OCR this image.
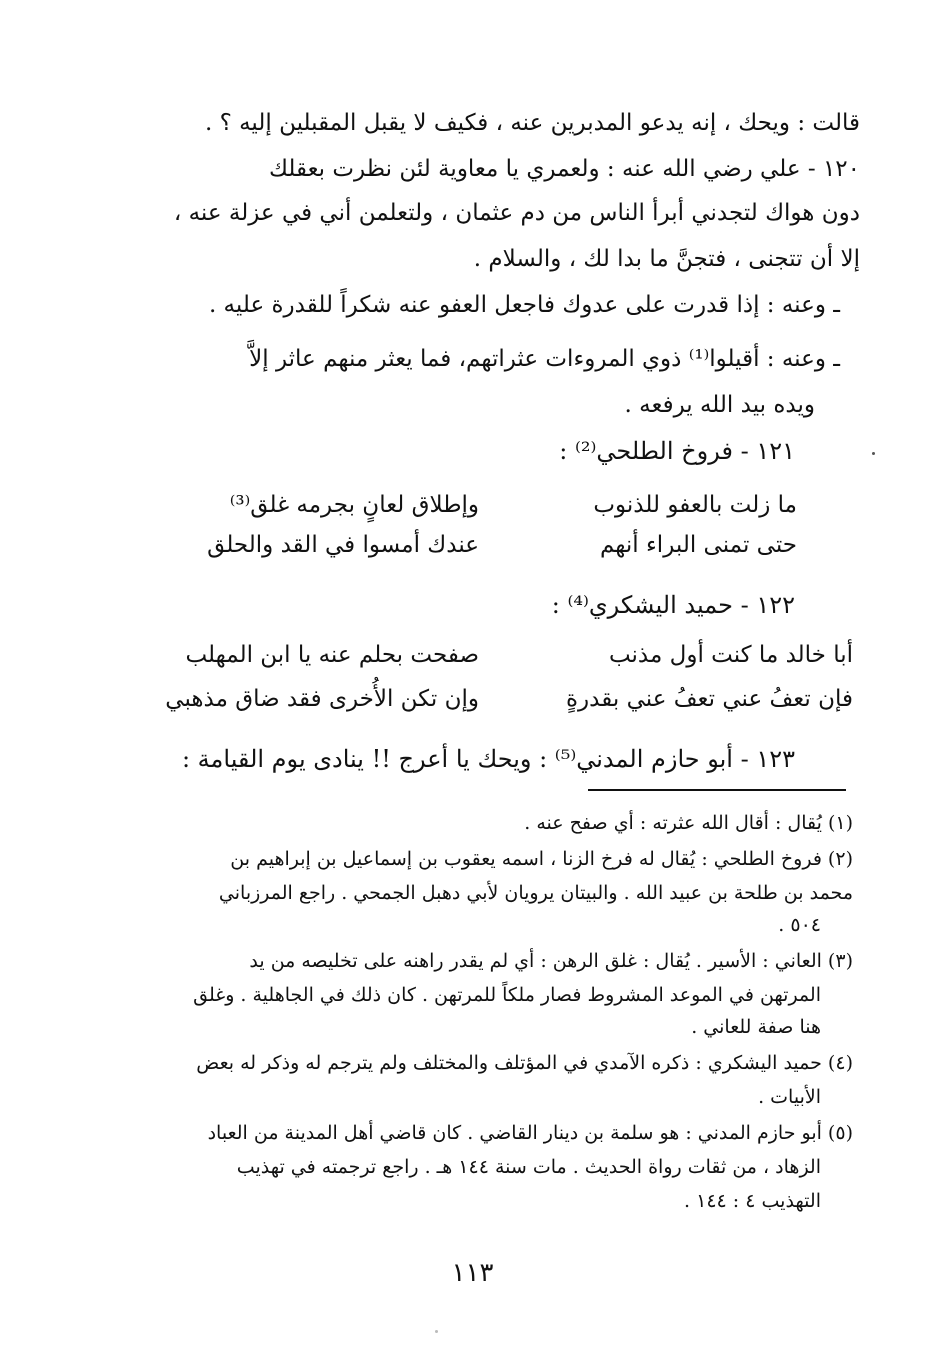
قالت : ويحك ، إنه يدعو المدبرين عنه ، فكيف لا يقبل المقبلين إليه ؟ .
١٢٠ - علي رضي الله عنه : ولعمري يا معاوية لئن نظرت بعقلك
دون هواك لتجدني أبرأ الناس من دم عثمان ، ولتعلمن أني في عزلة عنه ،
إلا أن تتجنى ، فتجنَّ ما بدا لك ، والسلام .
ـ وعنه : إذا قدرت على عدوك فاجعل العفو عنه شكراً للقدرة عليه .
ـ وعنه : أقيلوا⁽¹⁾ ذوي المروءات عثراتهم، فما يعثر منهم عاثر إلاَّ
ويده بيد الله يرفعه .
١٢١ - فروخ الطلحي⁽²⁾ :
ما زلت بالعفو للذنوب
وإطلاق لعانٍ بجرمه غلق⁽³⁾
حتى تمنى البراء أنهم
عندك أمسوا في القد والحلق
١٢٢ - حميد اليشكري⁽⁴⁾ :
أبا خالد ما كنت أول مذنب
صفحت بحلم عنه يا ابن المهلب
فإن تعفُ عني تعفُ عني بقدرةٍ
وإن تكن الأُخرى فقد ضاق مذهبي
١٢٣ - أبو حازم المدني⁽⁵⁾ : ويحك يا أعرج !! ينادى يوم القيامة :
(١) يُقال : أقال الله عثرته : أي صفح عنه .
(٢) فروخ الطلحي : يُقال له فرخ الزنا ، اسمه يعقوب بن إسماعيل بن إبراهيم بن
محمد بن طلحة بن عبيد الله . والبيتان يرويان لأبي دهبل الجمحي . راجع المرزباني
٥٠٤ .
(٣) العاني : الأسير . يُقال : غلق الرهن : أي لم يقدر راهنه على تخليصه من يد
المرتهن في الموعد المشروط فصار ملكاً للمرتهن . كان ذلك في الجاهلية . وغلق
هنا صفة للعاني .
(٤) حميد اليشكري : ذكره الآمدي في المؤتلف والمختلف ولم يترجم له وذكر له بعض
الأبيات .
(٥) أبو حازم المدني : هو سلمة بن دينار القاضي . كان قاضي أهل المدينة من العباد
الزهاد ، من ثقات رواة الحديث . مات سنة ١٤٤ هـ . راجع ترجمته في تهذيب
التهذيب ٤ : ١٤٤ .
١١٣
